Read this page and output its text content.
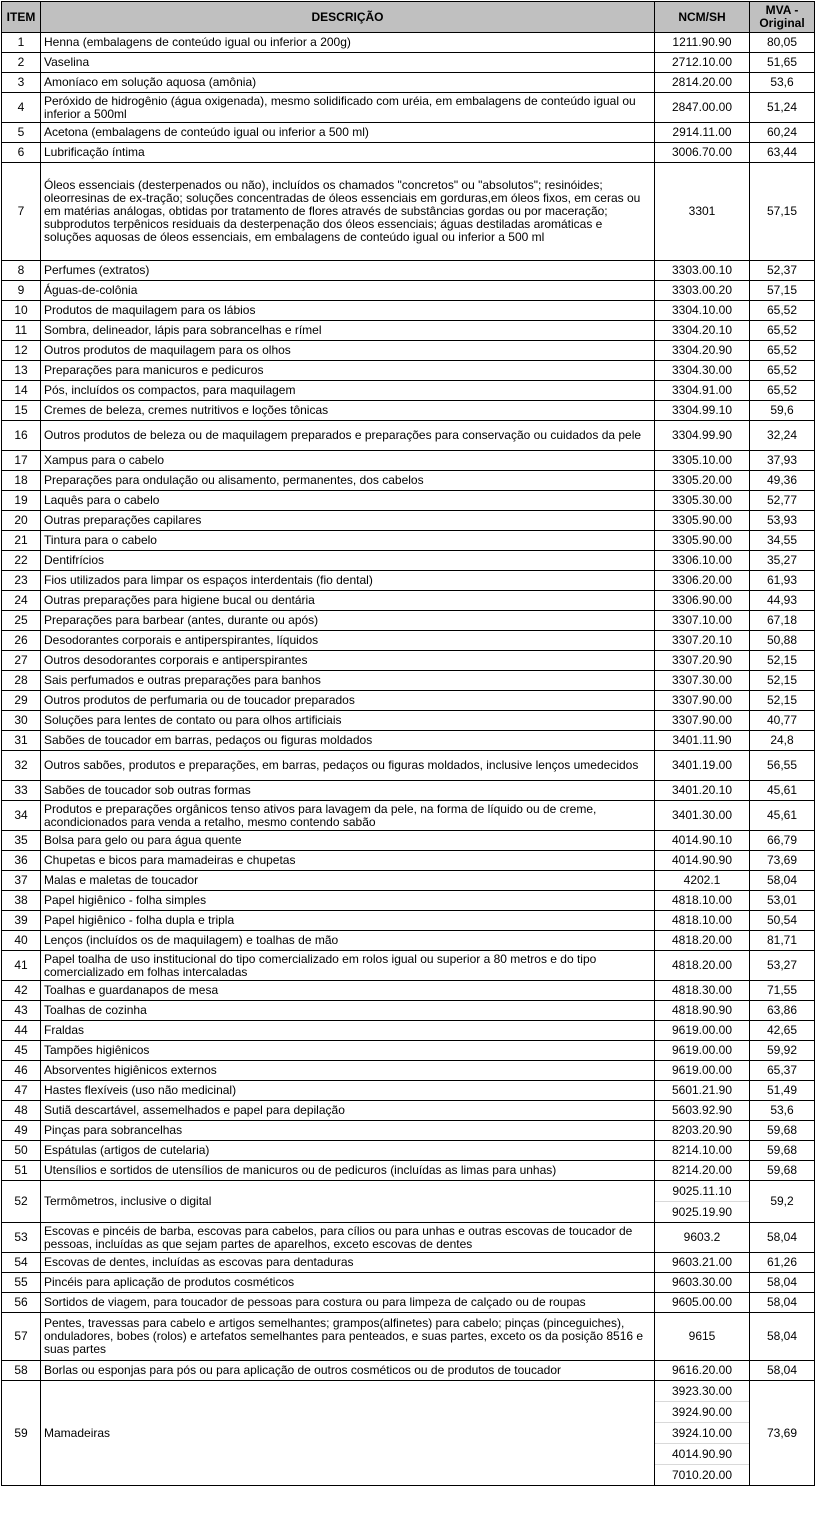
ITEM	DESCRIÇÃO	NCM/SH	MVA - Original
1	Henna (embalagens de conteúdo igual ou inferior a 200g)	1211.90.90	80,05
2	Vaselina	2712.10.00	51,65
3	Amoníaco em solução aquosa (amônia)	2814.20.00	53,6
4	Peróxido de hidrogênio (água oxigenada), mesmo solidificado com uréia, em embalagens de conteúdo igual ou inferior a 500ml	2847.00.00	51,24
5	Acetona (embalagens de conteúdo igual ou inferior a 500 ml)	2914.11.00	60,24
6	Lubrificação íntima	3006.70.00	63,44
7	Óleos essenciais (desterpenados ou não), incluídos os chamados "concretos" ou "absolutos"; resinóides; oleorresinas de ex-tração; soluções concentradas de óleos essenciais em gorduras,em óleos fixos, em ceras ou em matérias análogas, obtidas por tratamento de flores através de substâncias gordas ou por maceração; subprodutos terpênicos residuais da desterpenação dos óleos essenciais; águas destiladas aromáticas e soluções aquosas de óleos essenciais, em embalagens de conteúdo igual ou inferior a 500 ml	3301	57,15
8	Perfumes (extratos)	3303.00.10	52,37
9	Águas-de-colônia	3303.00.20	57,15
10	Produtos de maquilagem para os lábios	3304.10.00	65,52
11	Sombra, delineador, lápis para sobrancelhas e rímel	3304.20.10	65,52
12	Outros produtos de maquilagem para os olhos	3304.20.90	65,52
13	Preparações para manicuros e pedicuros	3304.30.00	65,52
14	Pós, incluídos os compactos, para maquilagem	3304.91.00	65,52
15	Cremes de beleza, cremes nutritivos e loções tônicas	3304.99.10	59,6
16	Outros produtos de beleza ou de maquilagem preparados e preparações para conservação ou cuidados da pele	3304.99.90	32,24
17	Xampus para o cabelo	3305.10.00	37,93
18	Preparações para ondulação ou alisamento, permanentes, dos cabelos	3305.20.00	49,36
19	Laquês para o cabelo	3305.30.00	52,77
20	Outras preparações capilares	3305.90.00	53,93
21	Tintura para o cabelo	3305.90.00	34,55
22	Dentifrícios	3306.10.00	35,27
23	Fios utilizados para limpar os espaços interdentais (fio dental)	3306.20.00	61,93
24	Outras preparações para higiene bucal ou dentária	3306.90.00	44,93
25	Preparações para barbear (antes, durante ou após)	3307.10.00	67,18
26	Desodorantes corporais e antiperspirantes, líquidos	3307.20.10	50,88
27	Outros desodorantes corporais e antiperspirantes	3307.20.90	52,15
28	Sais perfumados e outras preparações para banhos	3307.30.00	52,15
29	Outros produtos de perfumaria ou de toucador preparados	3307.90.00	52,15
30	Soluções para lentes de contato ou para olhos artificiais	3307.90.00	40,77
31	Sabões de toucador em barras, pedaços ou figuras moldados	3401.11.90	24,8
32	Outros sabões, produtos e preparações, em barras, pedaços ou figuras moldados, inclusive lenços umedecidos	3401.19.00	56,55
33	Sabões de toucador sob outras formas	3401.20.10	45,61
34	Produtos e preparações orgânicos tenso ativos para lavagem da pele, na forma de líquido ou de creme, acondicionados para venda a retalho, mesmo contendo sabão	3401.30.00	45,61
35	Bolsa para gelo ou para água quente	4014.90.10	66,79
36	Chupetas e bicos para mamadeiras e chupetas	4014.90.90	73,69
37	Malas e maletas de toucador	4202.1	58,04
38	Papel higiênico - folha simples	4818.10.00	53,01
39	Papel higiênico - folha dupla e tripla	4818.10.00	50,54
40	Lenços (incluídos os de maquilagem) e toalhas de mão	4818.20.00	81,71
41	Papel toalha de uso institucional do tipo comercializado em rolos igual ou superior a 80 metros e do tipo comercializado em folhas intercaladas	4818.20.00	53,27
42	Toalhas e guardanapos de mesa	4818.30.00	71,55
43	Toalhas de cozinha	4818.90.90	63,86
44	Fraldas	9619.00.00	42,65
45	Tampões higiênicos	9619.00.00	59,92
46	Absorventes higiênicos externos	9619.00.00	65,37
47	Hastes flexíveis (uso não medicinal)	5601.21.90	51,49
48	Sutiã descartável, assemelhados e papel para depilação	5603.92.90	53,6
49	Pinças para sobrancelhas	8203.20.90	59,68
50	Espátulas (artigos de cutelaria)	8214.10.00	59,68
51	Utensílios e sortidos de utensílios de manicuros ou de pedicuros (incluídas as limas para unhas)	8214.20.00	59,68
52	Termômetros, inclusive o digital	9025.11.10
9025.19.90	59,2
53	Escovas e pincéis de barba, escovas para cabelos, para cílios ou para unhas e outras escovas de toucador de pessoas, incluídas as que sejam partes de aparelhos, exceto escovas de dentes	9603.2	58,04
54	Escovas de dentes, incluídas as escovas para dentaduras	9603.21.00	61,26
55	Pincéis para aplicação de produtos cosméticos	9603.30.00	58,04
56	Sortidos de viagem, para toucador de pessoas para costura ou para limpeza de calçado ou de roupas	9605.00.00	58,04
57	Pentes, travessas para cabelo e artigos semelhantes; grampos(alfinetes) para cabelo; pinças (pinceguiches), onduladores, bobes (rolos) e artefatos semelhantes para penteados, e suas partes, exceto os da posição 8516 e suas partes	9615	58,04
58	Borlas ou esponjas para pós ou para aplicação de outros cosméticos ou de produtos de toucador	9616.20.00	58,04
59	Mamadeiras	3923.30.00
3924.90.00
3924.10.00
4014.90.90
7010.20.00	73,69
